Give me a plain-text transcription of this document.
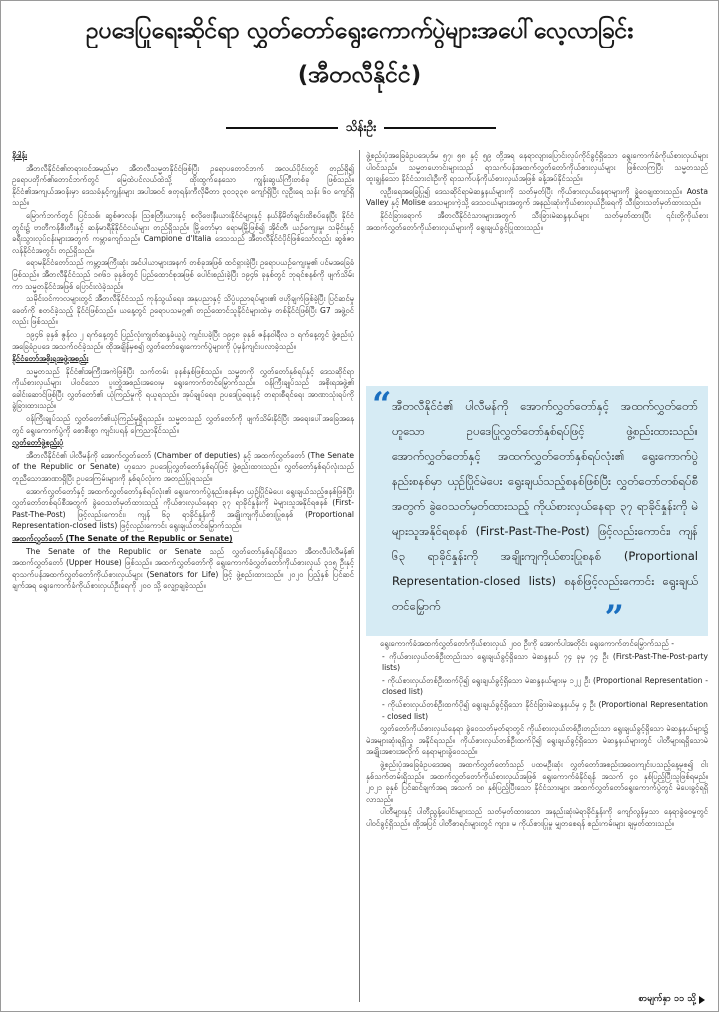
ဥပဒေပြုရေးဆိုင်ရာ လွှတ်တော်ရွေးကောက်ပွဲများအပေါ်လေ့လာခြင်း
(အီတလီနိုင်ငံ)
သိန်းဦး

နိဒါန်း

အီတလီနိုင်ငံ၏တရားဝင်အမည်မှာ အီတလီသမ္မတနိုင်ငံဖြစ်ပြီး ဥရောပတောင်ဘက် အလယ်ပိုင်းတွင် တည်ရှိ၍ ဥရောပတိုက်၏တောင်ဘက်တွင် မြေထဲပင်လယ်ထဲသို့ ထိုးထွက်နေသော ကျွန်းဆွယ်ကြီးတစ်ခု ဖြစ်သည်။ နိုင်ငံ၏အကျယ်အဝန်းမှာ ဒေသခံနှင့်ကျွန်းများ အပါအဝင် စတုရန်းကီလိုမီတာ ၃၀၁၃၃၈ ကျော်ရှိပြီး လူဦးရေ သန်း ၆၀ ကျော်ရှိသည်။

မြောက်ဘက်တွင် ပြင်သစ်၊ ဆွစ်ဇာလန်၊ ဩစတြီးယားနှင့် စလိုဗေးနီးယားနိုင်ငံများနှင့် နယ်နိမိတ်ချင်းထိစပ်နေပြီး နိုင်ငံတွင်း၌ ဗာတီကန်စီးတီးနှင့် ဆန်မာရီနိုနိုင်ငံငယ်များ တည်ရှိသည်။ မြို့တော်မှာ ရောမမြို့ဖြစ်၍ အိုင်တီ၊ ယဉ်ကျေးမှု၊ သမိုင်းနှင့် ခရီးသွားလုပ်ငန်းများအတွက် ကမ္ဘာကျော်သည်။ Campione d'Italia ဒေသသည် အီတလီနိုင်ငံပိုင်ဖြစ်သော်လည်း ဆွစ်ဇာလန်နိုင်ငံအတွင်း တည်ရှိသည်။

ရောမနိုင်ငံတော်သည် ကမ္ဘာ့အကြီးဆုံး အင်ပါယာများအနက် တစ်ခုအဖြစ် ထင်ရှားခဲ့ပြီး ဥရောပယဉ်ကျေးမှု၏ ပင်မအခြေခံဖြစ်သည်။ အီတလီနိုင်ငံသည် ၁၈၆၁ ခုနှစ်တွင် ပြည်ထောင်စုအဖြစ် ပေါင်းစည်းခဲ့ပြီး ၁၉၄၆ ခုနှစ်တွင် ဘုရင်စနစ်ကို ဖျက်သိမ်းကာ သမ္မတနိုင်ငံအဖြစ် ပြောင်းလဲခဲ့သည်။

သမိုင်းဝင်ကာလများတွင် အီတလီနိုင်ငံသည် ကုန်သွယ်ရေး၊ အနုပညာနှင့် သိပ္ပံပညာရပ်များ၏ ဗဟိုချက်ဖြစ်ခဲ့ပြီး ပြင်ဆင်မှုခေတ်ကို စတင်ခဲ့သည့် နိုင်ငံဖြစ်သည်။ ယနေ့တွင် ဥရောပသမဂ္ဂ၏ တည်ထောင်သူနိုင်ငံများထဲမှ တစ်နိုင်ငံဖြစ်ပြီး G7 အဖွဲ့ဝင်လည်း ဖြစ်သည်။

၁၉၄၆ ခုနှစ် ဇွန်လ ၂ ရက်နေ့တွင် ပြည်လုံးကျွတ်ဆန္ဒခံယူပွဲ ကျင်းပခဲ့ပြီး ၁၉၄၈ ခုနှစ် ဇန်နဝါရီလ ၁ ရက်နေ့တွင် ဖွဲ့စည်းပုံအခြေခံဥပဒေ အသက်ဝင်ခဲ့သည်။ ထိုအချိန်မှစ၍ လွှတ်တော်ရွေးကောက်ပွဲများကို ပုံမှန်ကျင်းပလာခဲ့သည်။

နိုင်ငံတော်အစိုးရအဖွဲ့အစည်း

သမ္မတသည် နိုင်ငံ၏အကြီးအကဲဖြစ်ပြီး သက်တမ်း ခုနစ်နှစ်ဖြစ်သည်။ သမ္မတကို လွှတ်တော်နှစ်ရပ်နှင့် ဒေသဆိုင်ရာကိုယ်စားလှယ်များ ပါဝင်သော ပူးတွဲအစည်းအဝေးမှ ရွေးကောက်တင်မြှောက်သည်။ ဝန်ကြီးချုပ်သည် အစိုးရအဖွဲ့၏ ခေါင်းဆောင်ဖြစ်ပြီး လွှတ်တော်၏ ယုံကြည်မှုကို ရယူရသည်။ အုပ်ချုပ်ရေး၊ ဥပဒေပြုရေးနှင့် တရားစီရင်ရေး အာဏာသုံးရပ်ကို ခွဲခြားထားသည်။

ဝန်ကြီးချုပ်သည် လွှတ်တော်၏ယုံကြည်မှုရှိရသည်။ သမ္မတသည် လွှတ်တော်ကို ဖျက်သိမ်းနိုင်ပြီး အရေးပေါ်အခြေအနေတွင် ရွေးကောက်ပွဲကို စောစီးစွာ ကျင်းပရန် ကြေညာနိုင်သည်။

လွှတ်တော်ဖွဲ့စည်းပုံ

အီတလီနိုင်ငံ၏ ပါလီမန်ကို အောက်လွှတ်တော် (Chamber of deputies) နှင့် အထက်လွှတ်တော် (The Senate of the Republic or Senate) ဟူသော ဥပဒေပြုလွှတ်တော်နှစ်ရပ်ဖြင့် ဖွဲ့စည်းထားသည်။ လွှတ်တော်နှစ်ရပ်လုံးသည် တူညီသောအာဏာရှိပြီး ဥပဒေကြမ်းများကို နှစ်ရပ်လုံးက အတည်ပြုရသည်။

အောက်လွှတ်တော်နှင့် အထက်လွှတ်တော်နှစ်ရပ်လုံး၏ ရွေးကောက်ပွဲနည်းစနစ်မှာ ယှဉ်ပြိုင်မဲပေး ရွေးချယ်သည့်စနစ်ဖြစ်ပြီး လွှတ်တော်တစ်ရပ်စီအတွက် ခွဲဝေသတ်မှတ်ထားသည့် ကိုယ်စားလှယ်နေရာ ၃၇ ရာခိုင်နှုန်းကို မဲများသူအနိုင်ရစနစ် (First-Past-The-Post) ဖြင့်လည်းကောင်း၊ ကျန် ၆၃ ရာခိုင်နှုန်းကို အချိုးကျကိုယ်စားပြုစနစ် (Proportional Representation-closed lists) ဖြင့်လည်းကောင်း ရွေးချယ်တင်မြှောက်သည်။

အထက်လွှတ်တော် (The Senate of the Republic or Senate)

The Senate of the Republic or Senate သည် လွှတ်တော်နှစ်ရပ်ရှိသော အီတလီပါလီမန်၏ အထက်လွှတ်တော် (Upper House) ဖြစ်သည်။ အထက်လွှတ်တော်ကို ရွေးကောက်ခံလွှတ်တော်ကိုယ်စားလှယ် ၃၁၅ ဦးနှင့် ရာသက်ပန်အထက်လွှတ်တော်ကိုယ်စားလှယ်များ (Senators for Life) ဖြင့် ဖွဲ့စည်းထားသည်။ ၂၀၂၀ ပြည့်နှစ် ပြင်ဆင်ချက်အရ ရွေးကောက်ခံကိုယ်စားလှယ်ဦးရေကို ၂၀၀ သို့ လျှော့ချခဲ့သည်။

ဖွဲ့စည်းပုံအခြေခံဥပဒေပုဒ်မ ၅၇၊ ၅၈ နှင့် ၅၉ တို့အရ နေရာလျားပြောင်းလုပ်ကိုင်ခွင့်ရှိသော ရွေးကောက်ခံကိုယ်စားလှယ်များ ပါဝင်သည်။ သမ္မတဟောင်းများသည် ရာသက်ပန်အထက်လွှတ်တော်ကိုယ်စားလှယ်များ ဖြစ်လာကြပြီး သမ္မတသည် ထူးချွန်သော နိုင်ငံသားငါးဦးကို ရာသက်ပန်ကိုယ်စားလှယ်အဖြစ် ခန့်အပ်နိုင်သည်။

လူဦးရေအခြေပြု၍ ဒေသဆိုင်ရာမဲဆန္ဒနယ်များကို သတ်မှတ်ပြီး ကိုယ်စားလှယ်နေရာများကို ခွဲဝေချထားသည်။ Aosta Valley နှင့် Molise ဒေသများကဲ့သို့ ဒေသငယ်များအတွက် အနည်းဆုံးကိုယ်စားလှယ်ဦးရေကို သီးခြားသတ်မှတ်ထားသည်။

နိုင်ငံခြားရောက် အီတလီနိုင်ငံသားများအတွက် သီးခြားမဲဆန္ဒနယ်များ သတ်မှတ်ထားပြီး ၎င်းတို့ကိုယ်စား အထက်လွှတ်တော်ကိုယ်စားလှယ်များကို ရွေးချယ်ခွင့်ပြုထားသည်။

ရွေးကောက်ခံအထက်လွှတ်တော်ကိုယ်စားလှယ် ၂၀၀ ဦးကို အောက်ပါအတိုင်း ရွေးကောက်တင်မြှောက်သည် -

- ကိုယ်စားလှယ်တစ်ဦးတည်းသာ ရွေးချယ်ခွင့်ရှိသော မဲဆန္ဒနယ် ၇၄ ခုမှ ၇၄ ဦး (First-Past-The-Post-party lists)

- ကိုယ်စားလှယ်တစ်ဦးထက်ပို၍ ရွေးချယ်ခွင့်ရှိသော မဲဆန္ဒနယ်များမှ ၁၂၂ ဦး (Proportional Representation - closed list)

- ကိုယ်စားလှယ်တစ်ဦးထက်ပို၍ ရွေးချယ်ခွင့်ရှိသော နိုင်ငံခြားမဲဆန္ဒနယ်မှ ၄ ဦး (Proportional Representation - closed list)

လွှတ်တော်ကိုယ်စားလှယ်နေရာ ခွဲဝေသတ်မှတ်ရာတွင် ကိုယ်စားလှယ်တစ်ဦးတည်းသာ ရွေးချယ်ခွင့်ရှိသော မဲဆန္ဒနယ်များ၌ မဲအများဆုံးရရှိသူ အနိုင်ရသည်။ ကိုယ်စားလှယ်တစ်ဦးထက်ပို၍ ရွေးချယ်ခွင့်ရှိသော မဲဆန္ဒနယ်များတွင် ပါတီများရရှိသောမဲအချိုးအစားအလိုက် နေရာများခွဲဝေသည်။

ဖွဲ့စည်းပုံအခြေခံဥပဒေအရ အထက်လွှတ်တော်သည် ပထမဦးဆုံး လွှတ်တော်အစည်းအဝေးကျင်းပသည့်နေ့မှစ၍ ငါးနှစ်သက်တမ်းရှိသည်။ အထက်လွှတ်တော်ကိုယ်စားလှယ်အဖြစ် ရွေးကောက်ခံနိုင်ရန် အသက် ၄၀ နှစ်ပြည့်ပြီးသူဖြစ်ရမည်။ ၂၀၂၁ ခုနှစ် ပြင်ဆင်ချက်အရ အသက် ၁၈ နှစ်ပြည့်ပြီးသော နိုင်ငံသားများ အထက်လွှတ်တော်ရွေးကောက်ပွဲတွင် မဲပေးခွင့်ရရှိလာသည်။

ပါတီများနှင့် ပါတီညွန့်ပေါင်းများသည် သတ်မှတ်ထားသော အနည်းဆုံးမဲရာခိုင်နှုန်းကို ကျော်လွန်မှသာ နေရာခွဲဝေမှုတွင် ပါဝင်ခွင့်ရှိသည်။ ထို့အပြင် ပါတီစာရင်းများတွင် ကျား၊ မ ကိုယ်စားပြုမှု မျှတစေရန် စည်းကမ်းများ ချမှတ်ထားသည်။

“ အီတလီနိုင်ငံ၏ ပါလီမန်ကို အောက်လွှတ်တော်နှင့် အထက်လွှတ်တော်ဟူသော ဥပဒေပြုလွှတ်တော်နှစ်ရပ်ဖြင့် ဖွဲ့စည်းထားသည်။ အောက်လွှတ်တော်နှင့် အထက်လွှတ်တော်နှစ်ရပ်လုံး၏ ရွေးကောက်ပွဲနည်းစနစ်မှာ ယှဉ်ပြိုင်မဲပေး ရွေးချယ်သည့်စနစ်ဖြစ်ပြီး လွှတ်တော်တစ်ရပ်စီအတွက် ခွဲဝေသတ်မှတ်ထားသည့် ကိုယ်စားလှယ်နေရာ ၃၇ ရာခိုင်နှုန်းကို မဲများသူအနိုင်ရစနစ် (First-Past-The-Post) ဖြင့်လည်းကောင်း၊ ကျန် ၆၃ ရာခိုင်နှုန်းကို အချိုးကျကိုယ်စားပြုစနစ် (Proportional Representation-closed lists) စနစ်ဖြင့်လည်းကောင်း ရွေးချယ်တင်မြှောက်	”
စာမျက်နှာ ၁၁ သို့
